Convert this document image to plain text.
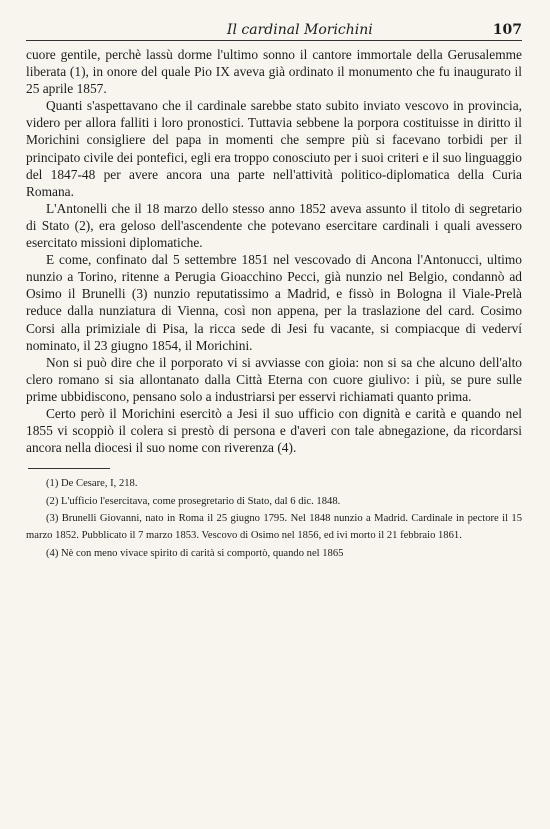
Il cardinal Morichini	107

cuore gentile, perchè lassù dorme l'ultimo sonno il cantore immortale della Gerusalemme liberata (1), in onore del quale Pio IX aveva già ordinato il monumento che fu inaugurato il 25 aprile 1857.

Quanti s'aspettavano che il cardinale sarebbe stato subito inviato vescovo in provincia, videro per allora falliti i loro pronostici. Tuttavia sebbene la porpora costituisse in diritto il Morichini consigliere del papa in momenti che sempre più si facevano torbidi per il principato civile dei pontefici, egli era troppo conosciuto per i suoi criteri e il suo linguaggio del 1847-48 per avere ancora una parte nell'attività politico-diplomatica della Curia Romana.

L'Antonelli che il 18 marzo dello stesso anno 1852 aveva assunto il titolo di segretario di Stato (2), era geloso dell'ascendente che potevano esercitare cardinali i quali avessero esercitato missioni diplomatiche.

E come, confinato dal 5 settembre 1851 nel vescovado di Ancona l'Antonucci, ultimo nunzio a Torino, ritenne a Perugia Gioacchino Pecci, già nunzio nel Belgio, condannò ad Osimo il Brunelli (3) nunzio reputatissimo a Madrid, e fissò in Bologna il Viale-Prelà reduce dalla nunziatura di Vienna, così non appena, per la traslazione del card. Cosimo Corsi alla primiziale di Pisa, la ricca sede di Jesi fu vacante, si compiacque di vederví nominato, il 23 giugno 1854, il Morichini.

Non si può dire che il porporato vi si avviasse con gioia: non si sa che alcuno dell'alto clero romano si sia allontanato dalla Città Eterna con cuore giulivo: i più, se pure sulle prime ubbidiscono, pensano solo a industriarsi per esservi richiamati quanto prima.

Certo però il Morichini esercitò a Jesi il suo ufficio con dignità e carità e quando nel 1855 vi scoppiò il colera si prestò di persona e d'averi con tale abnegazione, da ricordarsi ancora nella diocesi il suo nome con riverenza (4).

(1) De Cesare, I, 218.

(2) L'ufficio l'esercitava, come prosegretario di Stato, dal 6 dic. 1848.

(3) Brunelli Giovanni, nato in Roma il 25 giugno 1795. Nel 1848 nunzio a Madrid. Cardinale in pectore il 15 marzo 1852. Pubblicato il 7 marzo 1853. Vescovo di Osimo nel 1856, ed ivi morto il 21 febbraio 1861.

(4) Nè con meno vivace spirito di carità si comportò, quando nel 1865
